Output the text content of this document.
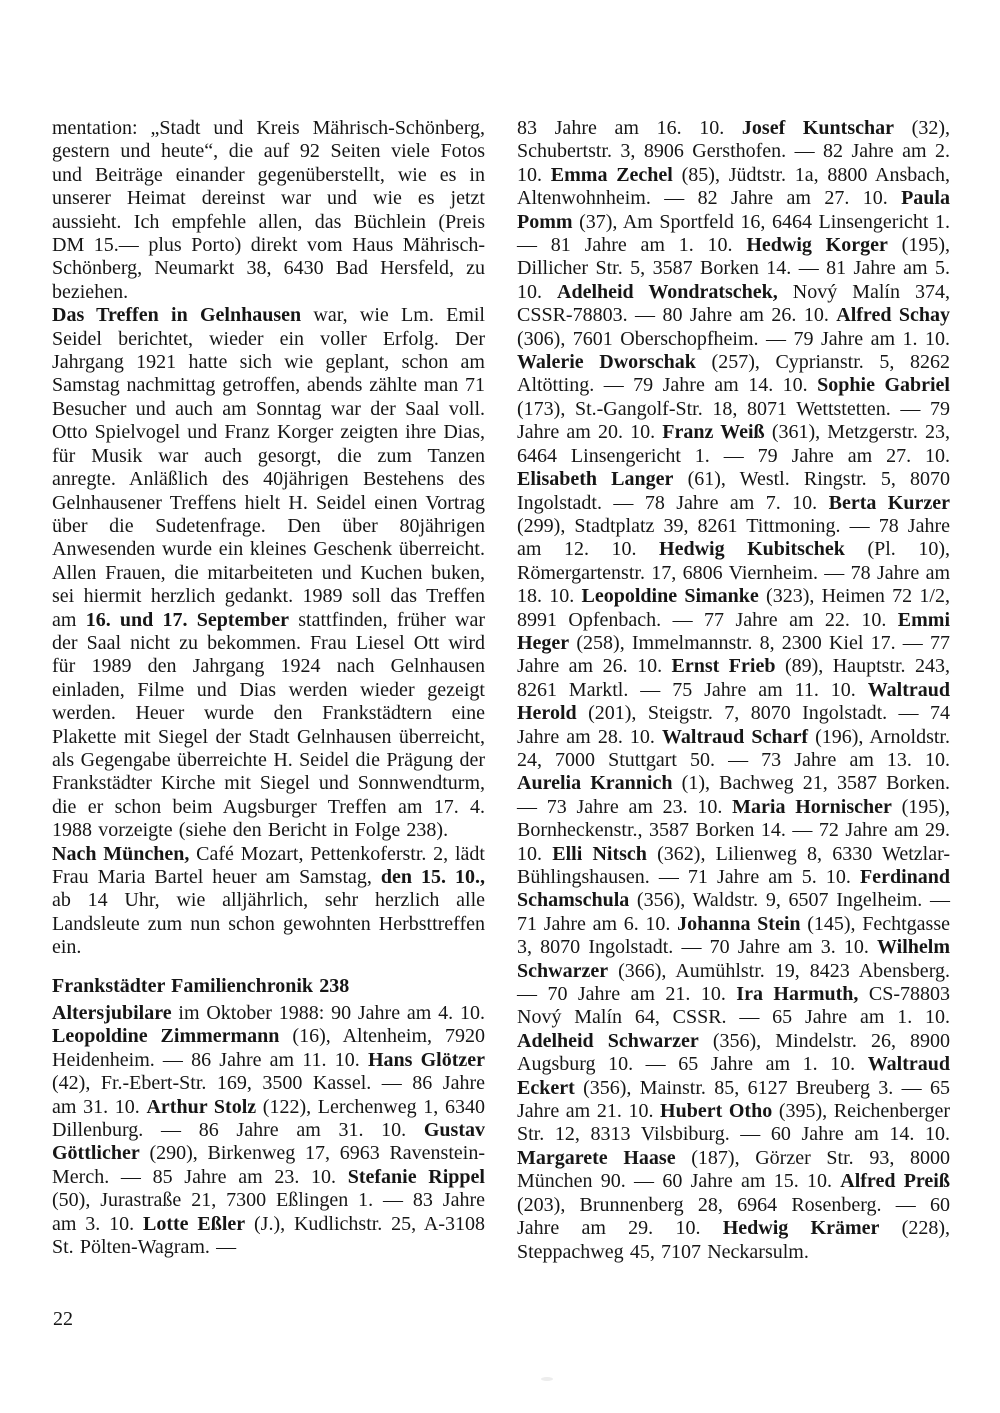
mentation: „Stadt und Kreis Mährisch-Schönberg, gestern und heute“, die auf 92 Seiten viele Fotos und Beiträge einander gegenüberstellt, wie es in unserer Heimat dereinst war und wie es jetzt aussieht. Ich empfehle allen, das Büchlein (Preis DM 15.— plus Porto) direkt vom Haus Mährisch-Schönberg, Neumarkt 38, 6430 Bad Hersfeld, zu beziehen.

Das Treffen in Gelnhausen war, wie Lm. Emil Seidel berichtet, wieder ein voller Erfolg. Der Jahrgang 1921 hatte sich wie geplant, schon am Samstag nachmittag getroffen, abends zählte man 71 Besucher und auch am Sonntag war der Saal voll. Otto Spielvogel und Franz Korger zeigten ihre Dias, für Musik war auch gesorgt, die zum Tanzen anregte. Anläßlich des 40jährigen Bestehens des Gelnhausener Treffens hielt H. Seidel einen Vortrag über die Sudetenfrage. Den über 80jährigen Anwesenden wurde ein kleines Geschenk überreicht. Allen Frauen, die mitarbeiteten und Kuchen buken, sei hiermit herzlich gedankt. 1989 soll das Treffen am 16. und 17. September stattfinden, früher war der Saal nicht zu bekommen. Frau Liesel Ott wird für 1989 den Jahrgang 1924 nach Gelnhausen einladen, Filme und Dias werden wieder gezeigt werden. Heuer wurde den Frankstädtern eine Plakette mit Siegel der Stadt Gelnhausen überreicht, als Gegengabe überreichte H. Seidel die Prägung der Frankstädter Kirche mit Siegel und Sonnwendturm, die er schon beim Augsburger Treffen am 17. 4. 1988 vorzeigte (siehe den Bericht in Folge 238).

Nach München, Café Mozart, Pettenkoferstr. 2, lädt Frau Maria Bartel heuer am Samstag, den 15. 10., ab 14 Uhr, wie alljährlich, sehr herzlich alle Landsleute zum nun schon gewohnten Herbsttreffen ein.

Frankstädter Familienchronik 238

Altersjubilare im Oktober 1988: 90 Jahre am 4. 10. Leopoldine Zimmermann (16), Altenheim, 7920 Heidenheim. — 86 Jahre am 11. 10. Hans Glötzer (42), Fr.-Ebert-Str. 169, 3500 Kassel. — 86 Jahre am 31. 10. Arthur Stolz (122), Lerchenweg 1, 6340 Dillenburg. — 86 Jahre am 31. 10. Gustav Göttlicher (290), Birkenweg 17, 6963 Ravenstein-Merch. — 85 Jahre am 23. 10. Stefanie Rippel (50), Jurastraße 21, 7300 Eßlingen 1. — 83 Jahre am 3. 10. Lotte Eßler (J.), Kudlichstr. 25, A-3108 St. Pölten-Wagram. —

83 Jahre am 16. 10. Josef Kuntschar (32), Schubertstr. 3, 8906 Gersthofen. — 82 Jahre am 2. 10. Emma Zechel (85), Jüdtstr. 1a, 8800 Ansbach, Altenwohnheim. — 82 Jahre am 27. 10. Paula Pomm (37), Am Sportfeld 16, 6464 Linsengericht 1. — 81 Jahre am 1. 10. Hedwig Korger (195), Dillicher Str. 5, 3587 Borken 14. — 81 Jahre am 5. 10. Adelheid Wondratschek, Nový Malín 374, CSSR-78803. — 80 Jahre am 26. 10. Alfred Schay (306), 7601 Oberschopfheim. — 79 Jahre am 1. 10. Walerie Dworschak (257), Cyprianstr. 5, 8262 Altötting. — 79 Jahre am 14. 10. Sophie Gabriel (173), St.-Gangolf-Str. 18, 8071 Wettstetten. — 79 Jahre am 20. 10. Franz Weiß (361), Metzgerstr. 23, 6464 Linsengericht 1. — 79 Jahre am 27. 10. Elisabeth Langer (61), Westl. Ringstr. 5, 8070 Ingolstadt. — 78 Jahre am 7. 10. Berta Kurzer (299), Stadtplatz 39, 8261 Tittmoning. — 78 Jahre am 12. 10. Hedwig Kubitschek (Pl. 10), Römergartenstr. 17, 6806 Viernheim. — 78 Jahre am 18. 10. Leopoldine Simanke (323), Heimen 72 1/2, 8991 Opfenbach. — 77 Jahre am 22. 10. Emmi Heger (258), Immelmannstr. 8, 2300 Kiel 17. — 77 Jahre am 26. 10. Ernst Frieb (89), Hauptstr. 243, 8261 Marktl. — 75 Jahre am 11. 10. Waltraud Herold (201), Steigstr. 7, 8070 Ingolstadt. — 74 Jahre am 28. 10. Waltraud Scharf (196), Arnoldstr. 24, 7000 Stuttgart 50. — 73 Jahre am 13. 10. Aurelia Krannich (1), Bachweg 21, 3587 Borken. — 73 Jahre am 23. 10. Maria Hornischer (195), Bornheckenstr., 3587 Borken 14. — 72 Jahre am 29. 10. Elli Nitsch (362), Lilienweg 8, 6330 Wetzlar-Bühlingshausen. — 71 Jahre am 5. 10. Ferdinand Schamschula (356), Waldstr. 9, 6507 Ingelheim. — 71 Jahre am 6. 10. Johanna Stein (145), Fechtgasse 3, 8070 Ingolstadt. — 70 Jahre am 3. 10. Wilhelm Schwarzer (366), Aumühlstr. 19, 8423 Abensberg. — 70 Jahre am 21. 10. Ira Harmuth, CS-78803 Nový Malín 64, CSSR. — 65 Jahre am 1. 10. Adelheid Schwarzer (356), Mindelstr. 26, 8900 Augsburg 10. — 65 Jahre am 1. 10. Waltraud Eckert (356), Mainstr. 85, 6127 Breuberg 3. — 65 Jahre am 21. 10. Hubert Otho (395), Reichenberger Str. 12, 8313 Vilsbiburg. — 60 Jahre am 14. 10. Margarete Haase (187), Görzer Str. 93, 8000 München 90. — 60 Jahre am 15. 10. Alfred Preiß (203), Brunnenberg 28, 6964 Rosenberg. — 60 Jahre am 29. 10. Hedwig Krämer (228), Steppachweg 45, 7107 Neckarsulm.

22
